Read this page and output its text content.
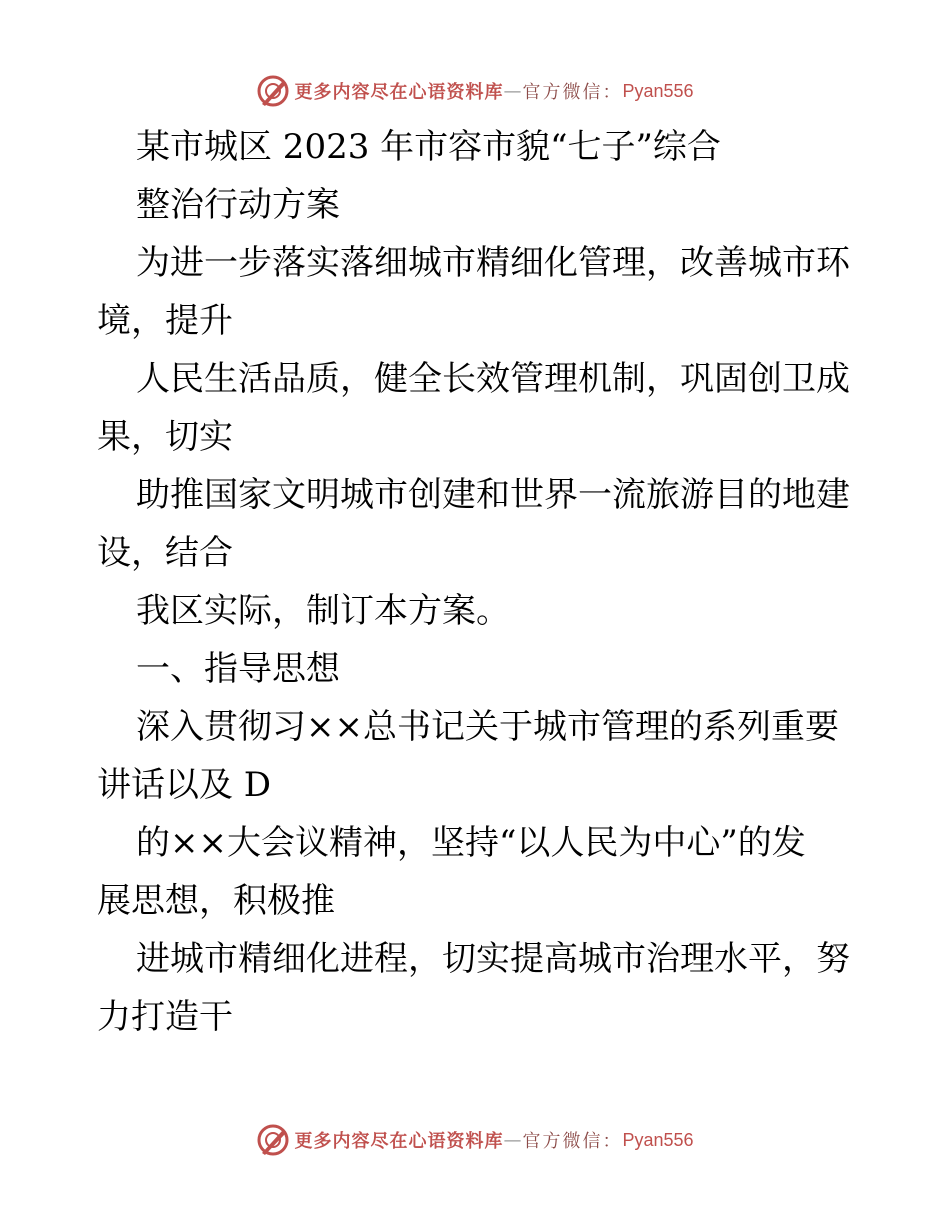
更多内容尽在心语资料库 — 官方微信： Pyan556
某市城区 2023 年市容市貌“七子”综合
整治行动方案
为进一步落实落细城市精细化管理，改善城市环
境，提升
人民生活品质，健全长效管理机制，巩固创卫成
果，切实
助推国家文明城市创建和世界一流旅游目的地建
设，结合
我区实际，制订本方案。
一、指导思想
深入贯彻习××总书记关于城市管理的系列重要
讲话以及 D
的××大会议精神，坚持“以人民为中心”的发
展思想，积极推
进城市精细化进程，切实提高城市治理水平，努
力打造干
更多内容尽在心语资料库 — 官方微信： Pyan556
